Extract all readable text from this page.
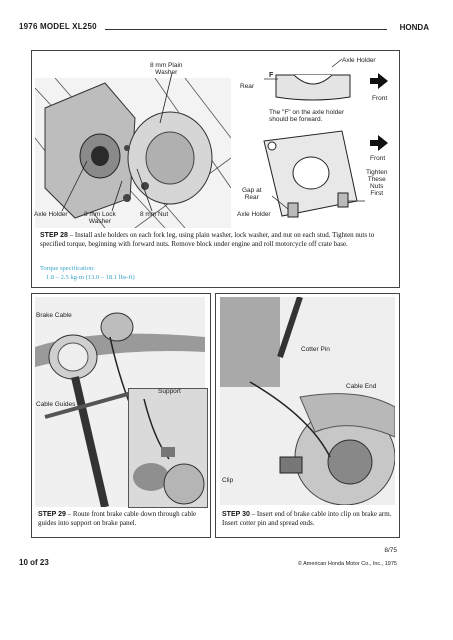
1976 MODEL XL250	HONDA
8 mm Plain
Washer
Axle Holder	8 mm Lock
Washer
8 mm Nut
Axle Holder
Rear
F
Front
The "F" on the axle holder
should be forward.
Front
Tighten
These
Nuts
First
Gap at
Rear
Axle Holder
STEP 28 – Install axle holders on each fork leg, using plain washer, lock washer, and nut on each stud. Tighten nuts to specified torque, beginning with forward nuts. Remove block under engine and roll motorcycle off crate base.
Torque specification:
1.8 – 2.5 kg-m (13.0 – 18.1 lbs-ft)
Brake Cable
Cable Guides
Support
STEP 29 – Route front brake cable down through cable guides into support on brake panel.
Cotter Pin
Cable End
Clip
STEP 30 – Insert end of brake cable into clip on brake arm. Insert cotter pin and spread ends.
10 of 23
8/75
© American Honda Motor Co., Inc., 1975
